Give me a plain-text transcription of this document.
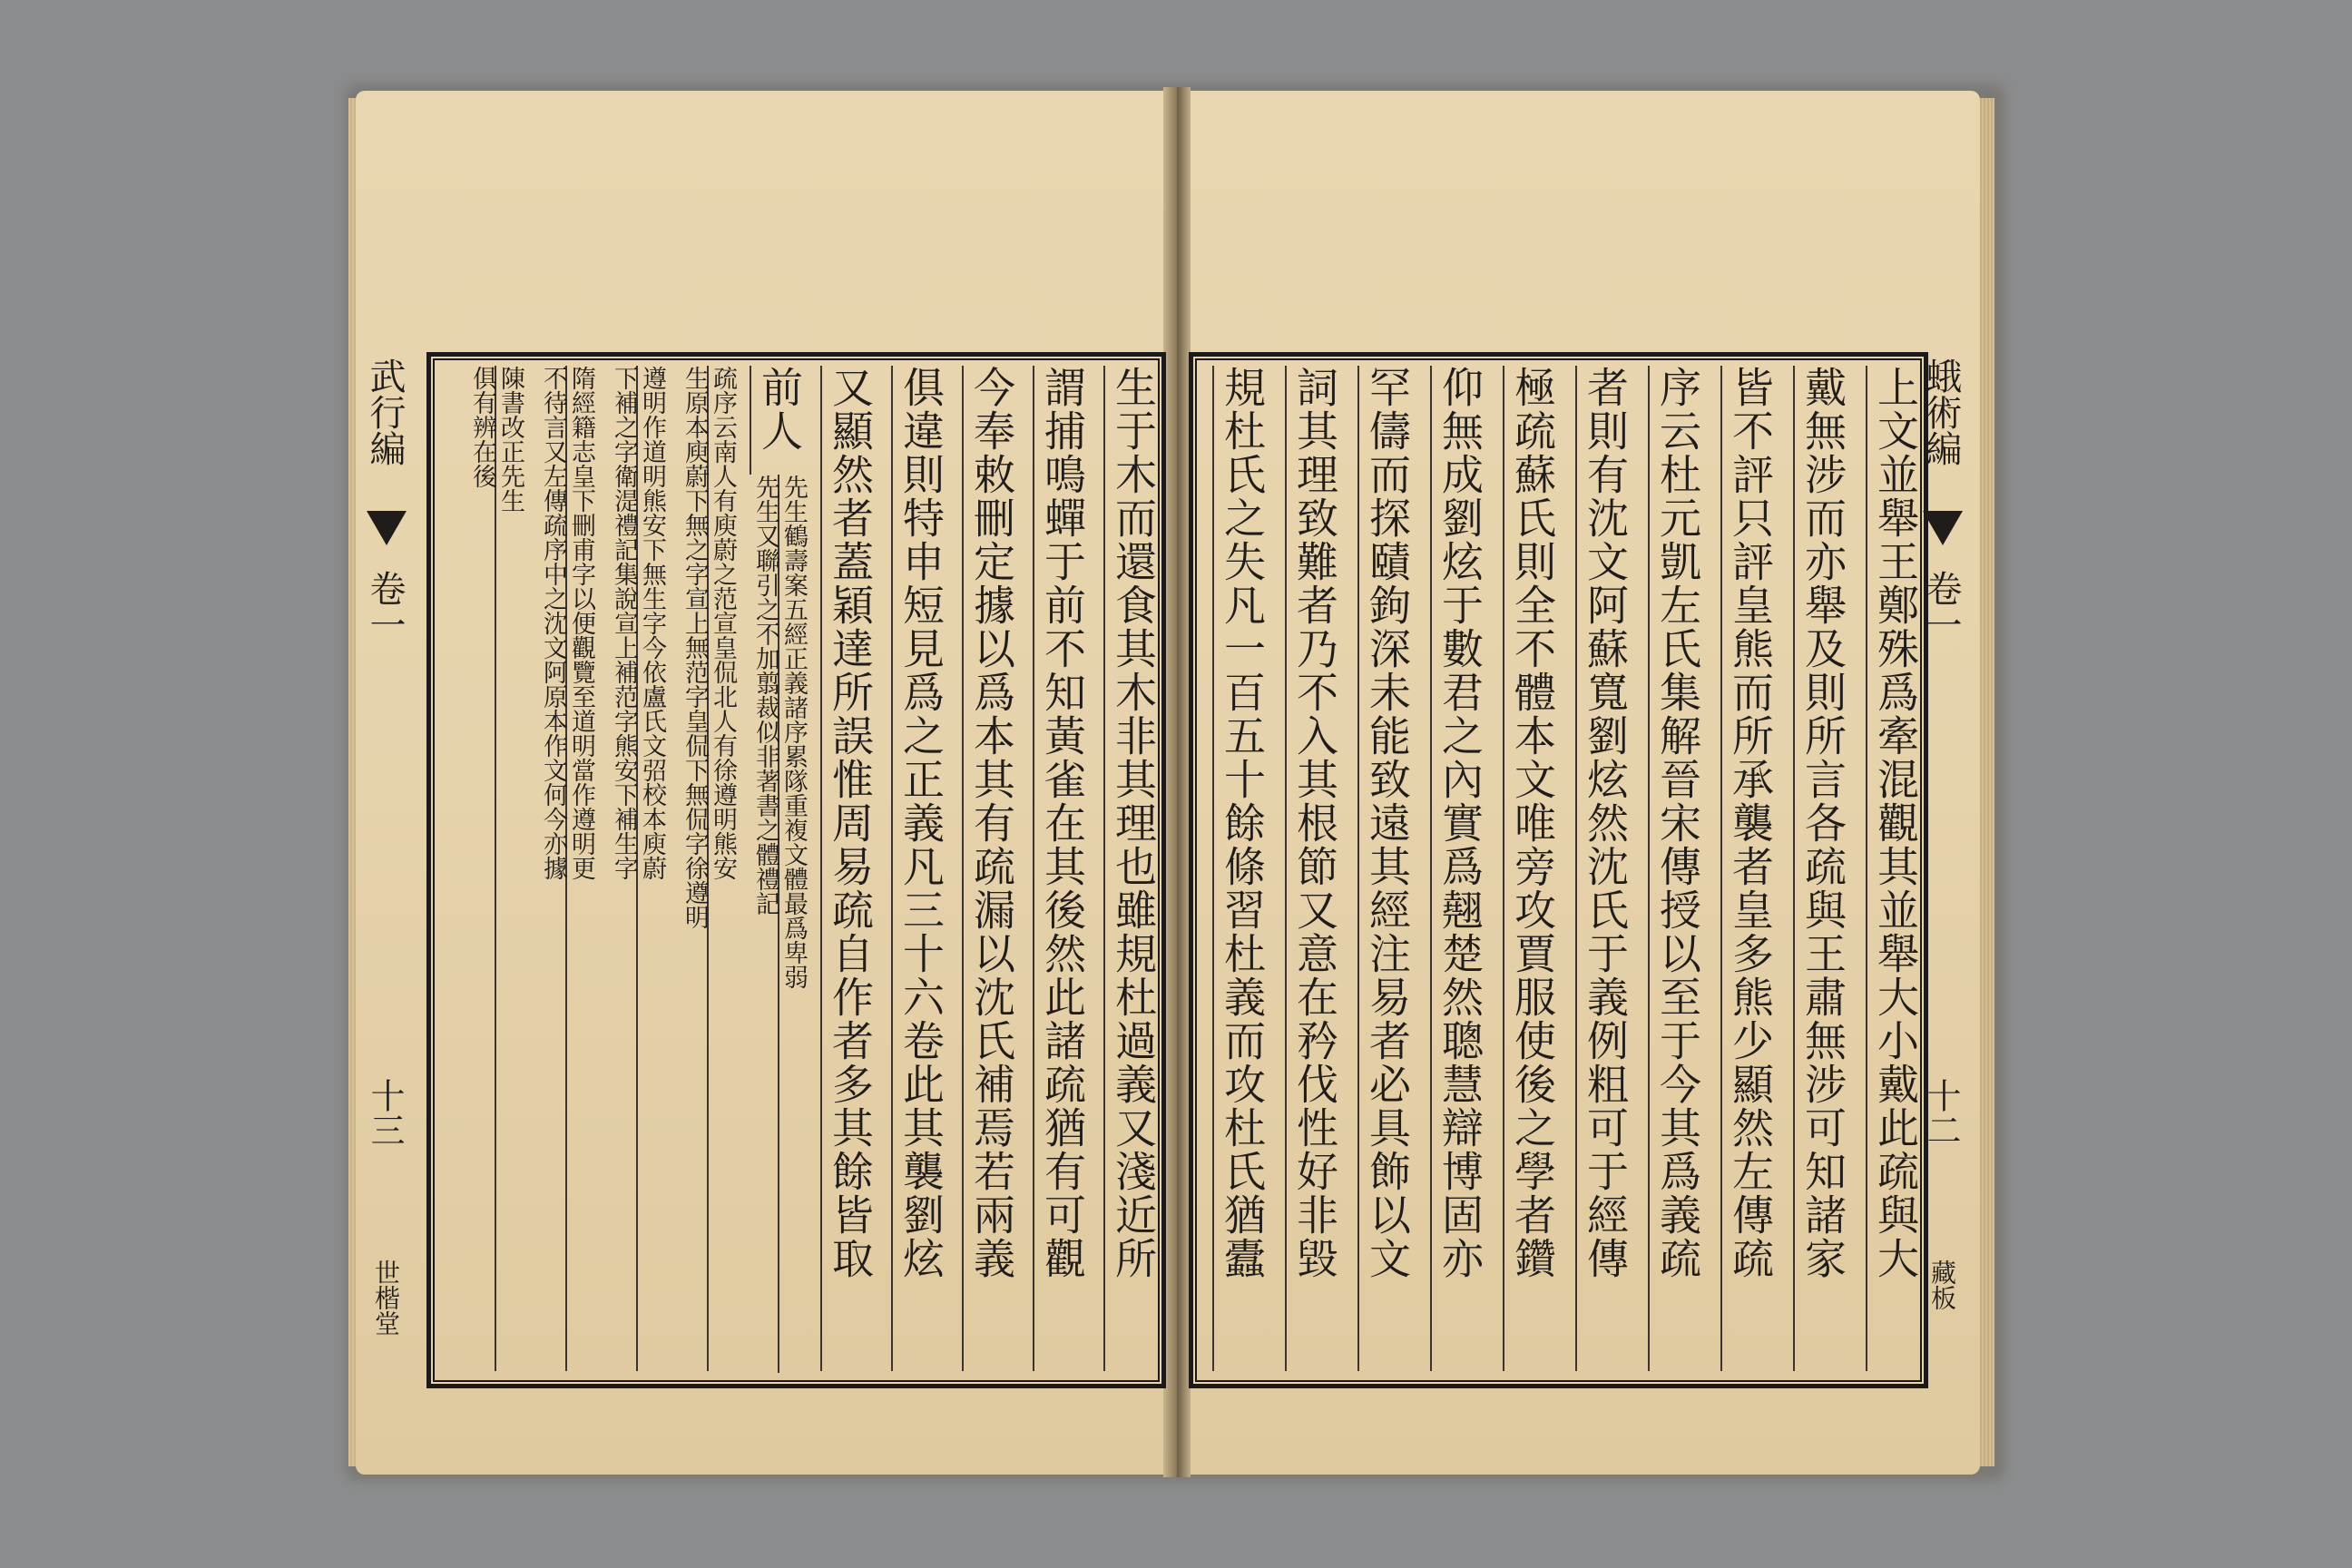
武行編
卷一
十三
世楷堂
生于木而還食其木非其理也雖規杜過義又淺近所
謂捕鳴蟬于前不知黃雀在其後然此諸疏猶有可觀
今奉敕刪定據以爲本其有疏漏以沈氏補焉若兩義
俱違則特申短見爲之正義凡三十六卷此其襲劉炫
又顯然者蓋穎達所誤惟周易疏自作者多其餘皆取
前人
先生鶴壽案五經正義諸序累隊重複文體最爲卑弱
先生又聯引之不加翦裁似非著書之體禮記
疏序云南人有庾蔚之范宣皇侃北人有徐遵明熊安
生原本庾蔚下無之字宣上無范字皇侃下無侃字徐遵明
遵明作道明熊安下無生字今依盧氏文弨校本庾蔚
下補之字衛湜禮記集說宣上補范字熊安下補生字
隋經籍志皇下刪甫字以便觀覽至道明當作遵明更
不待言又左傳疏序中之沈文阿原本作文何今亦據
陳書改正先生
俱有辨在後	上文並舉王鄭殊爲牽混觀其並舉大小戴此疏與大
戴無涉而亦舉及則所言各疏與王肅無涉可知諸家
皆不評只評皇熊而所承襲者皇多熊少顯然左傳疏
序云杜元凱左氏集解晉宋傳授以至于今其爲義疏
者則有沈文阿蘇寬劉炫然沈氏于義例粗可于經傳
極疏蘇氏則全不體本文唯旁攻賈服使後之學者鑽
仰無成劉炫于數君之內實爲翹楚然聰慧辯博固亦
罕儔而探賾鉤深未能致遠其經注易者必具飾以文
詞其理致難者乃不入其根節又意在矜伐性好非毀
規杜氏之失凡一百五十餘條習杜義而攻杜氏猶蠹	蛾術編
卷一
十二
藏板
